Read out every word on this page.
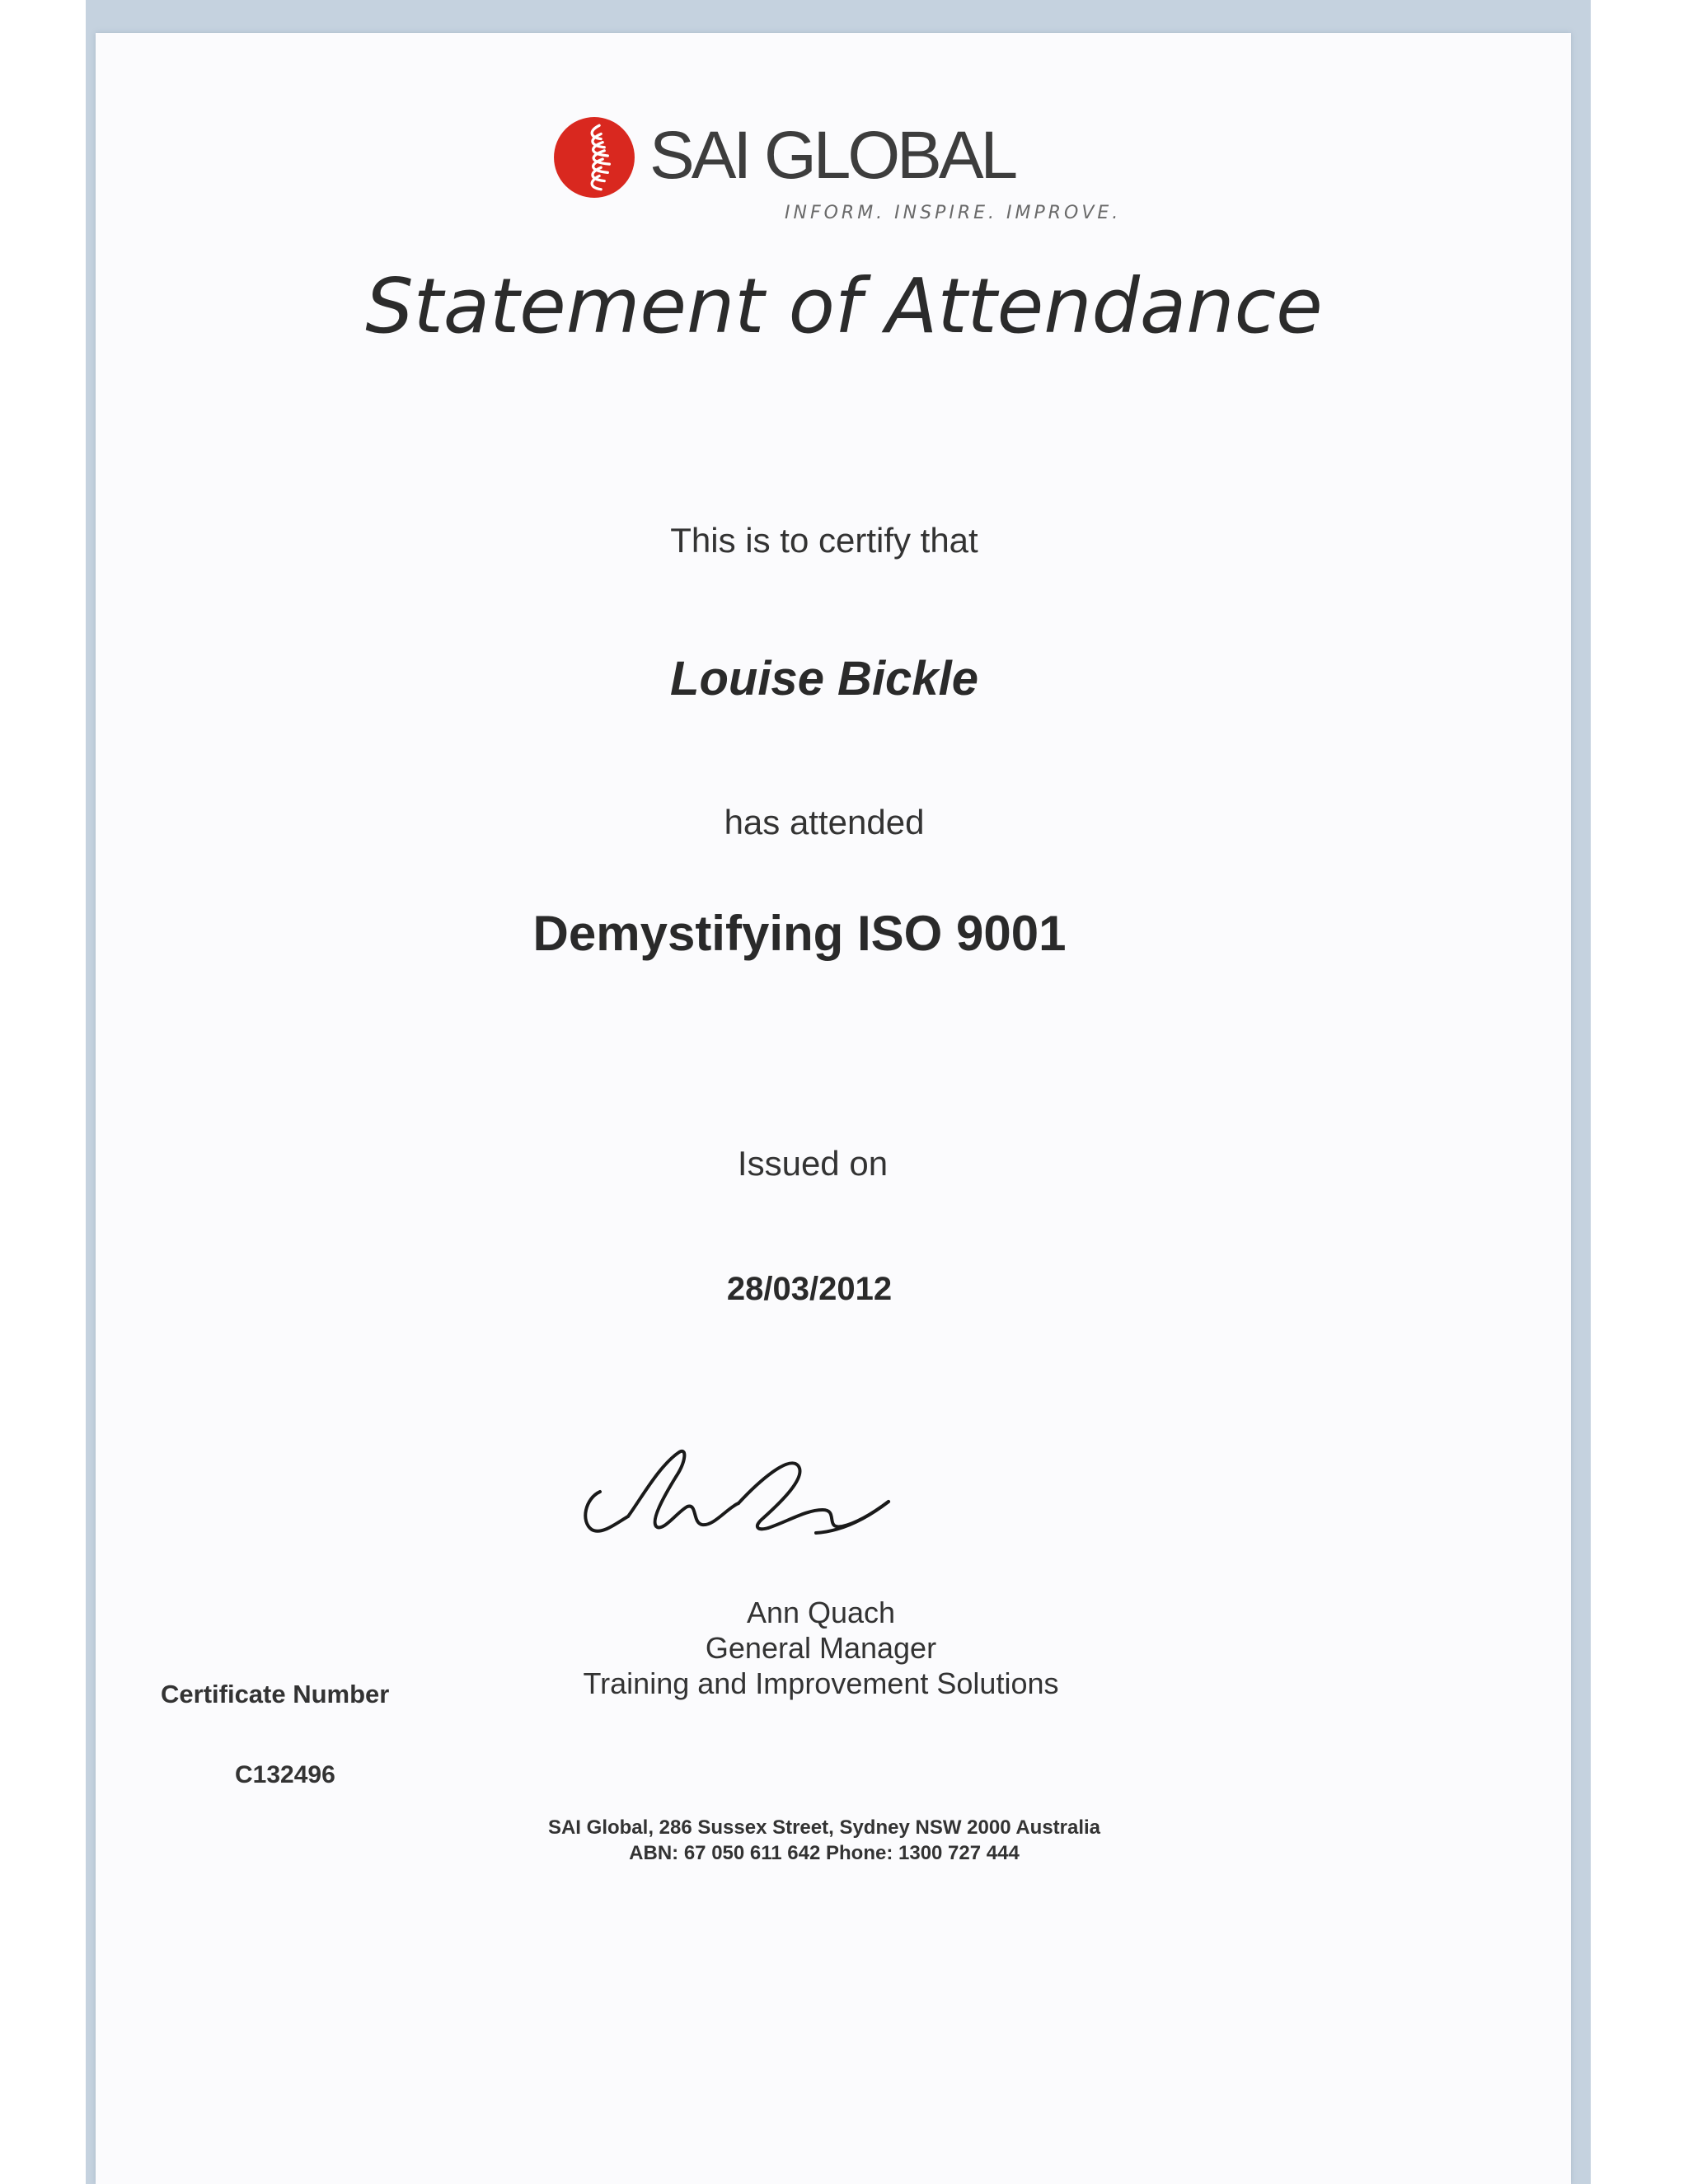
SAI GLOBAL
INFORM. INSPIRE. IMPROVE.
Statement of Attendance
This is to certify that
Louise Bickle
has attended
Demystifying ISO 9001
Issued on
28/03/2012
Ann Quach
General Manager
Training and Improvement Solutions
Certificate Number
C132496
SAI Global, 286 Sussex Street, Sydney NSW 2000 Australia
ABN: 67 050 611 642 Phone: 1300 727 444
